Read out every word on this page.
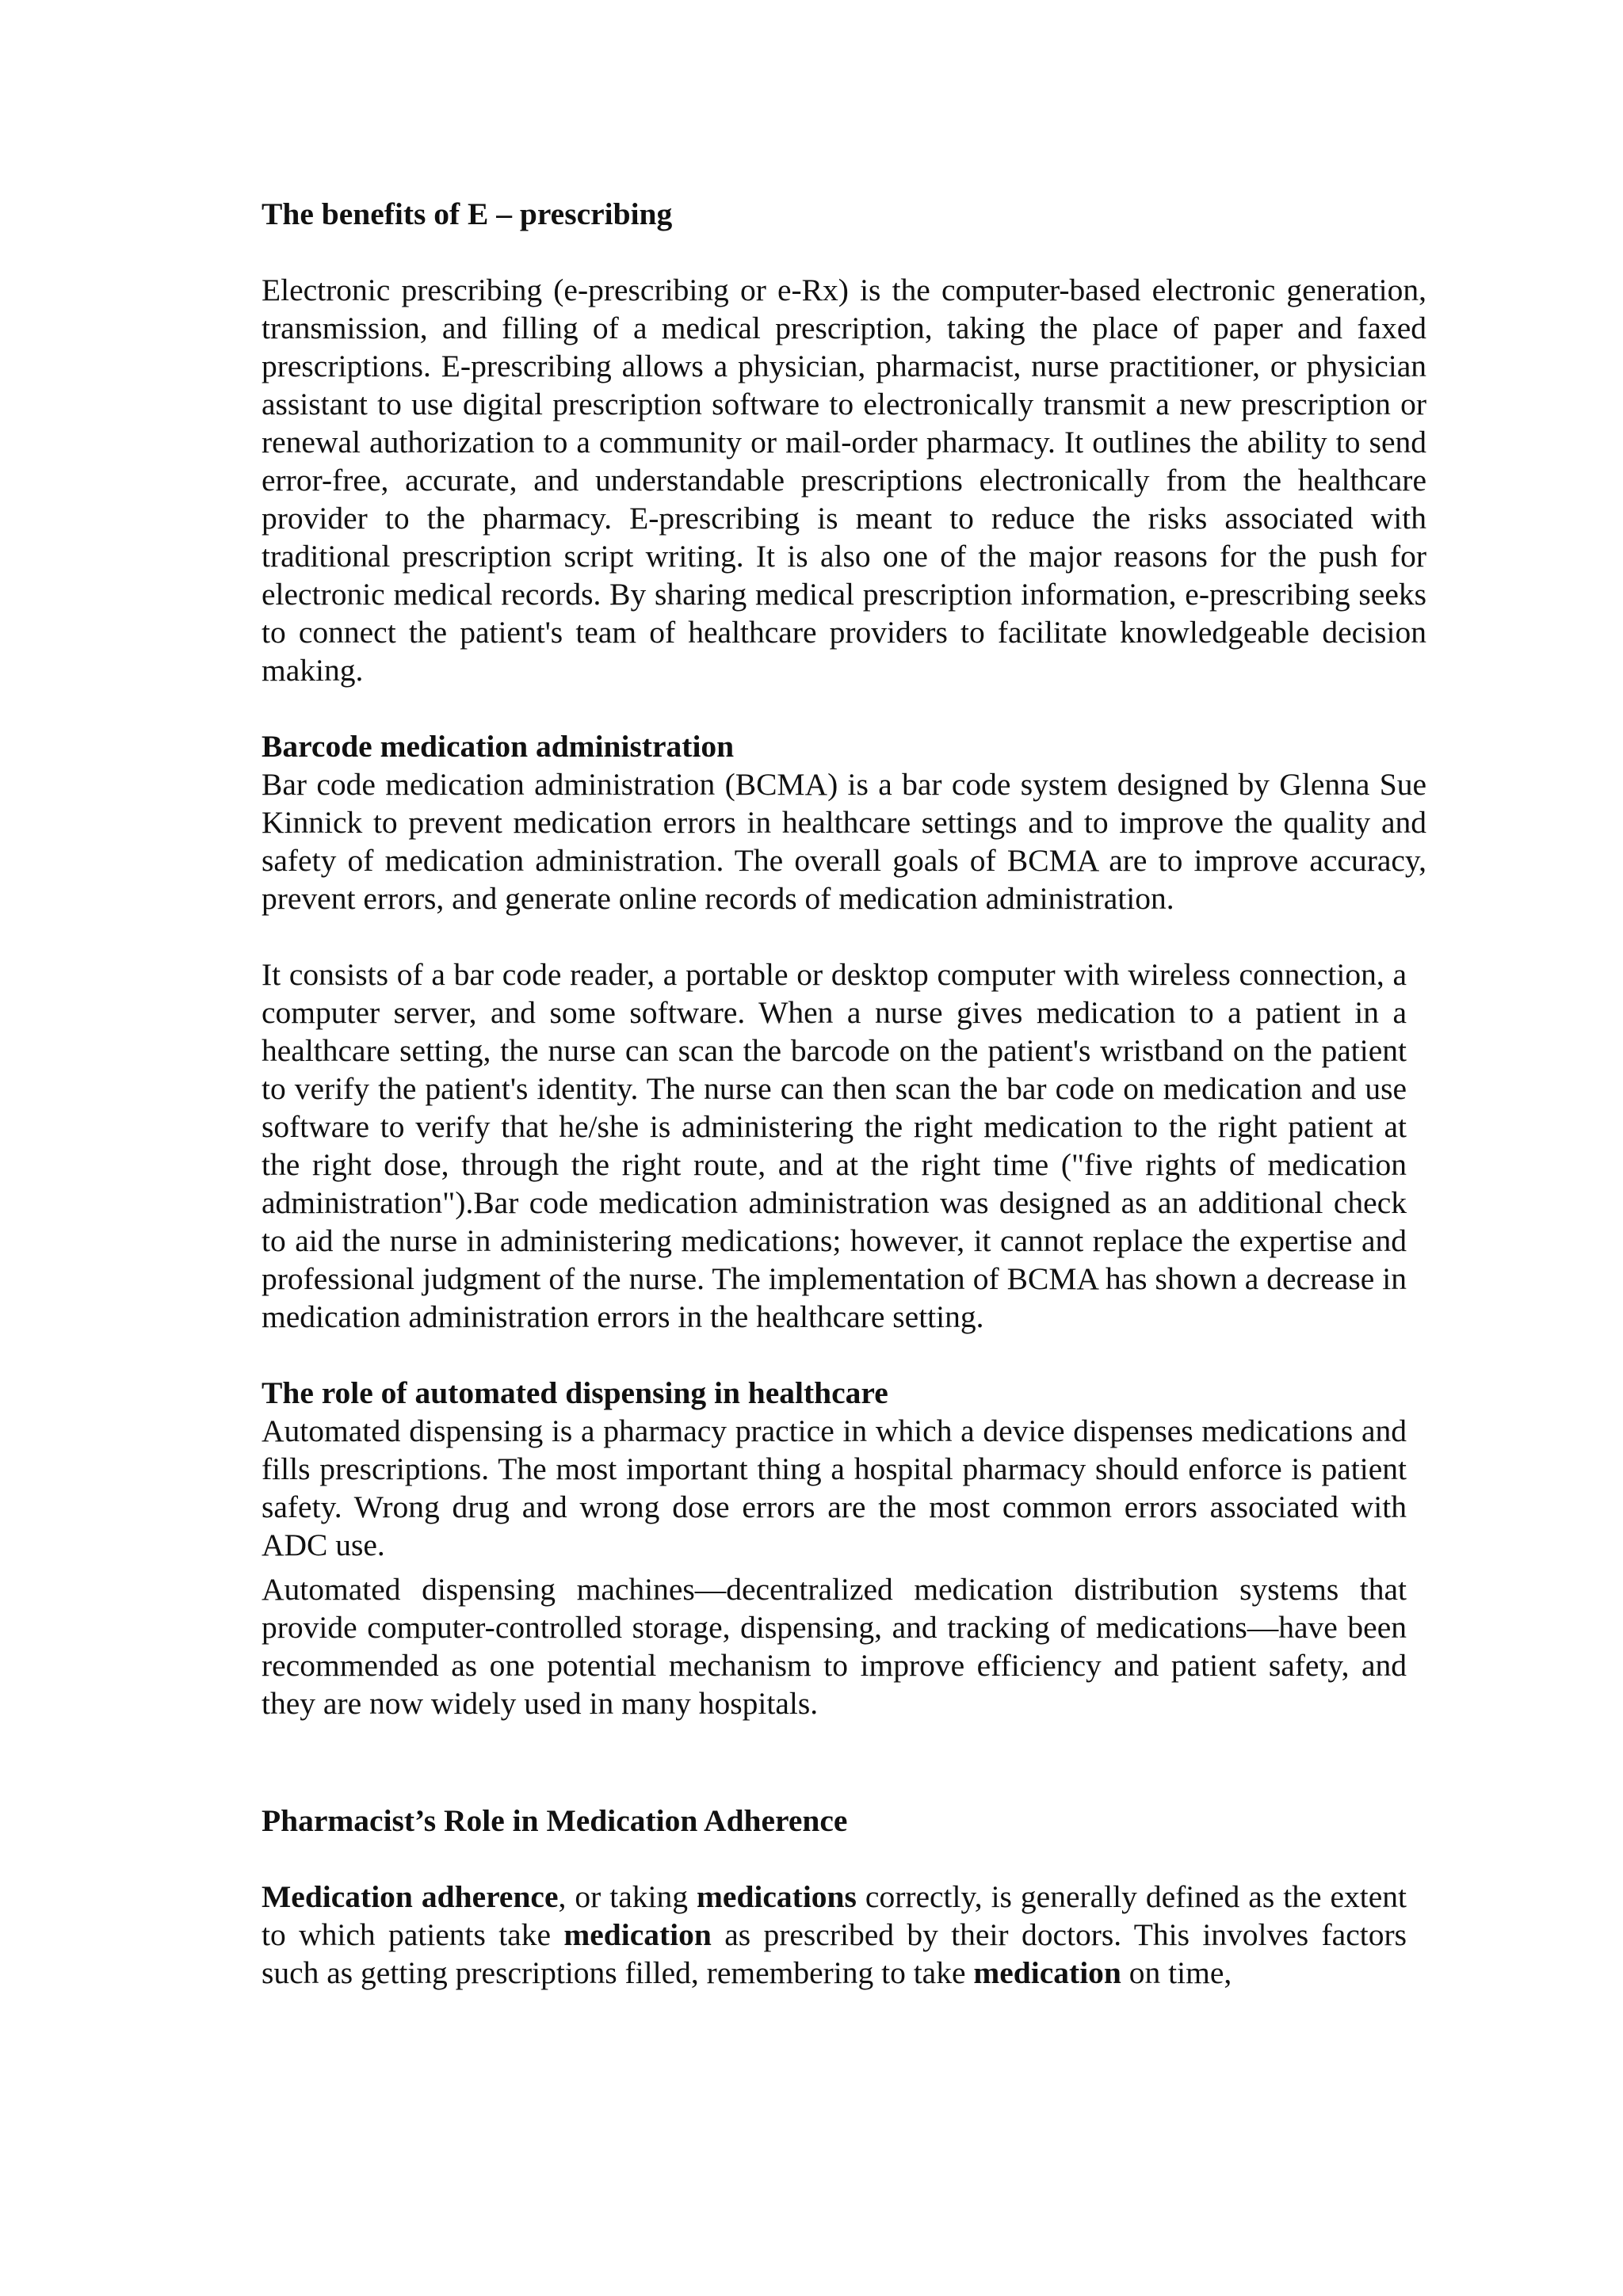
The benefits of E – prescribing

Electronic prescribing (e-prescribing or e-Rx) is the computer-based electronic generation, transmission, and filling of a medical prescription, taking the place of paper and faxed prescriptions. E-prescribing allows a physician, pharmacist, nurse practitioner, or physician assistant to use digital prescription software to electronically transmit a new prescription or renewal authorization to a community or mail-order pharmacy. It outlines the ability to send error-free, accurate, and understandable prescriptions electronically from the healthcare provider to the pharmacy. E-prescribing is meant to reduce the risks associated with traditional prescription script writing. It is also one of the major reasons for the push for electronic medical records. By sharing medical prescription information, e-prescribing seeks to connect the patient's team of healthcare providers to facilitate knowledgeable decision making.

Barcode medication administration

Bar code medication administration (BCMA) is a bar code system designed by Glenna Sue Kinnick to prevent medication errors in healthcare settings and to improve the quality and safety of medication administration. The overall goals of BCMA are to improve accuracy, prevent errors, and generate online records of medication administration.

It consists of a bar code reader, a portable or desktop computer with wireless connection, a computer server, and some software. When a nurse gives medication to a patient in a healthcare setting, the nurse can scan the barcode on the patient's wristband on the patient to verify the patient's identity. The nurse can then scan the bar code on medication and use software to verify that he/she is administering the right medication to the right patient at the right dose, through the right route, and at the right time ("five rights of medication administration").Bar code medication administration was designed as an additional check to aid the nurse in administering medications; however, it cannot replace the expertise and professional judgment of the nurse. The implementation of BCMA has shown a decrease in medication administration errors in the healthcare setting.

The role of automated dispensing in healthcare

Automated dispensing is a pharmacy practice in which a device dispenses medications and fills prescriptions. The most important thing a hospital pharmacy should enforce is patient safety. Wrong drug and wrong dose errors are the most common errors associated with ADC use.

Automated dispensing machines—decentralized medication distribution systems that provide computer-controlled storage, dispensing, and tracking of medications—have been recommended as one potential mechanism to improve efficiency and patient safety, and they are now widely used in many hospitals.

Pharmacist’s Role in Medication Adherence

Medication adherence, or taking medications correctly, is generally defined as the extent to which patients take medication as prescribed by their doctors. This involves factors such as getting prescriptions filled, remembering to take medication on time,
